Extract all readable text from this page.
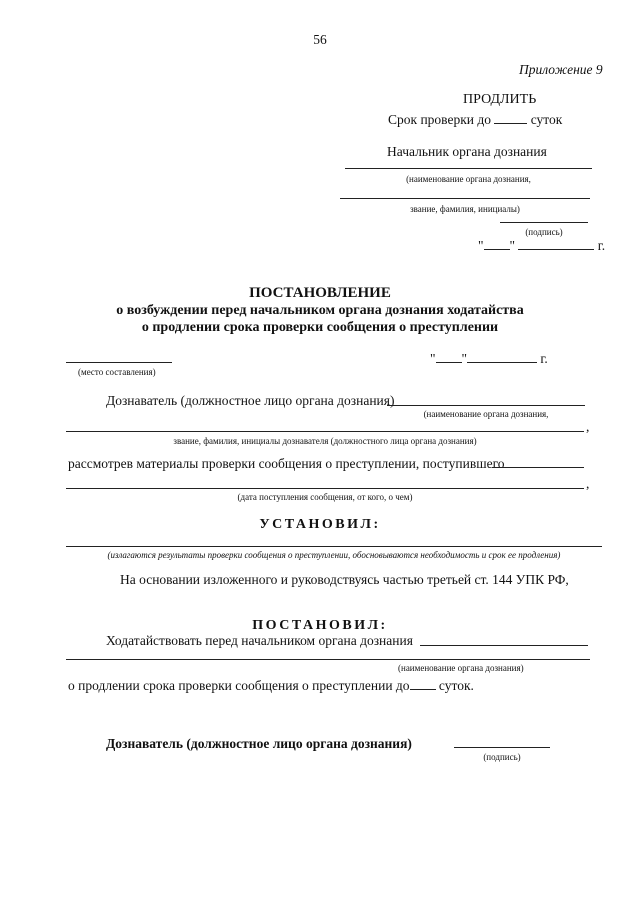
56
Приложение 9
ПРОДЛИТЬ
Срок проверки до	суток
Начальник органа дознания
(наименование органа дознания,
звание, фамилия, инициалы)
(подпись)
" "	г.
ПОСТАНОВЛЕНИЕ
о возбуждении перед начальником органа дознания ходатайства
о продлении срока проверки сообщения о преступлении
(место составления)
" "	г.
Дознаватель (должностное лицо органа дознания)
(наименование органа дознания,
,
звание, фамилия, инициалы дознавателя (должностного лица органа дознания)
рассмотрев материалы проверки сообщения о преступлении, поступившего
,
(дата поступления сообщения, от кого, о чем)
УСТАНОВИЛ:
(излагаются результаты проверки сообщения о преступлении, обосновываются необходимость и срок ее продления)
На основании изложенного и руководствуясь частью третьей ст. 144 УПК РФ,
ПОСТАНОВИЛ:
Ходатайствовать перед начальником органа дознания
(наименование органа дознания)
о продлении срока проверки сообщения о преступлении до суток.
Дознаватель (должностное лицо органа дознания)
(подпись)
